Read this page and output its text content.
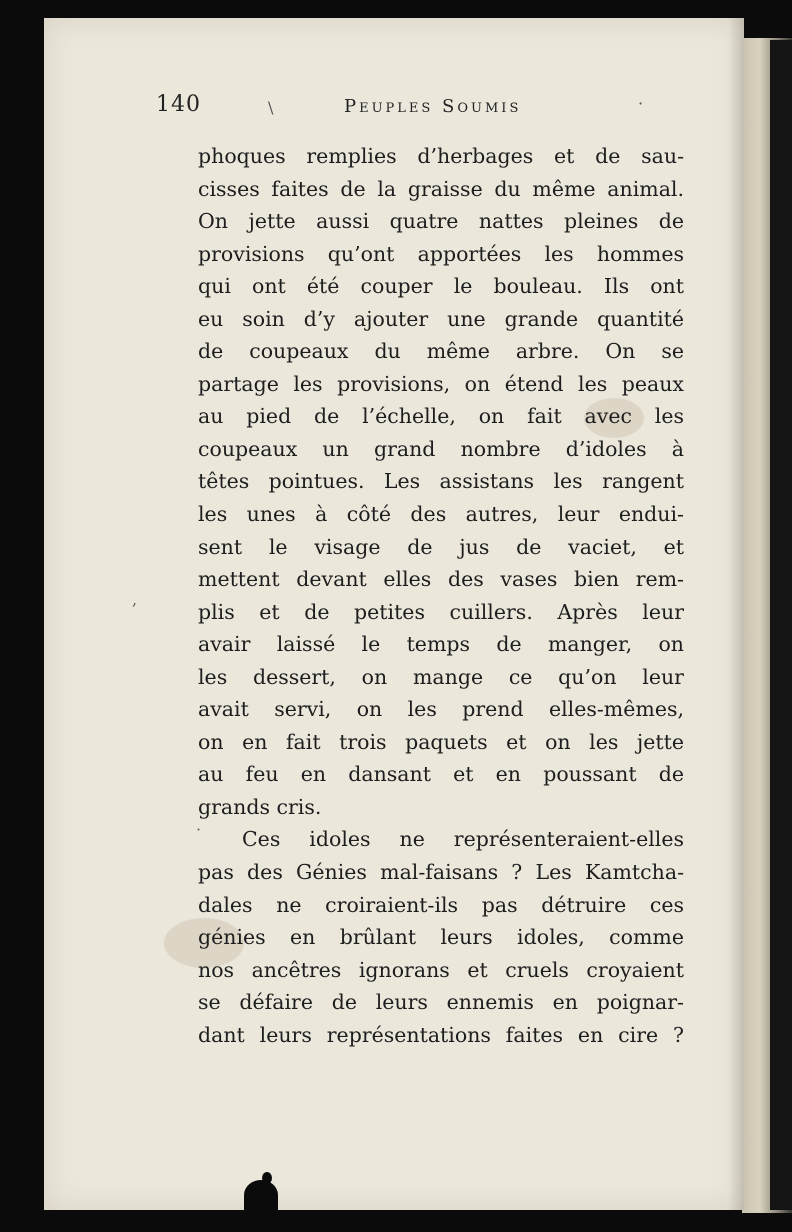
140	\	Peuples Soumis	·
phoques remplies d’herbages et de sau-
cisses faites de la graisse du même animal.
On jette aussi quatre nattes pleines de
provisions qu’ont apportées les hommes
qui ont été couper le bouleau. Ils ont
eu soin d’y ajouter une grande quantité
de coupeaux du même arbre. On se
partage les provisions, on étend les peaux
au pied de l’échelle, on fait avec les
coupeaux un grand nombre d’idoles à
têtes pointues. Les assistans les rangent
les unes à côté des autres, leur endui-
sent le visage de jus de vaciet, et
mettent devant elles des vases bien rem-
plis et de petites cuillers. Après leur
avair laissé le temps de manger, on
les dessert, on mange ce qu’on leur
avait servi, on les prend elles-mêmes,
on en fait trois paquets et on les jette
au feu en dansant et en poussant de
grands cris.
Ces idoles ne représenteraient-elles
pas des Génies mal-faisans ? Les Kamtcha-
dales ne croiraient-ils pas détruire ces
génies en brûlant leurs idoles, comme
nos ancêtres ignorans et cruels croyaient
se défaire de leurs ennemis en poignar-
dant leurs représentations faites en cire ?
,
·
